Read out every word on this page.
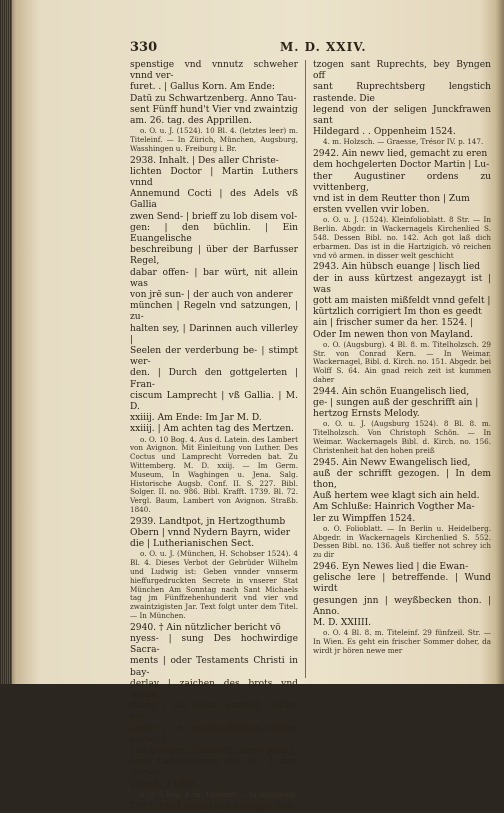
330	M. D. XXIV.

spenstige vnd vnnutz schweher vnnd ver-

furet. . | Gallus Korn. Am Ende:

Datū zu Schwartzenberg. Anno Tau-

sent Fünff hund't Vier vnd zwaintzig

am. 26. tag. des Apprillen.

o. O. u. J. (1524). 10 Bl. 4. (letztes leer) m. Titeleinf. — In Zürich, München, Augsburg, Wasshingen u. Freiburg i. Br.

2938. Inhalt. | Des aller Christe-

lichten Doctor | Martin Luthers vnnd

Annemund Cocti | des Adels vß Gallia

zwen Send- | brieff zu lob disem vol-

gen: | den büchlin. | Ein Euangelische

beschreibung | über der Barfusser Regel,

dabar offen- | bar würt, nit allein was

von jrē sun- | der auch von anderer

münchen | Regeln vnd satzungen, | zu-

halten sey, | Darinnen auch villerley |

Seelen der verderbung be- | stimpt wer-

den. | Durch den gottgelerten | Fran-

ciscum Lamprecht | vß Gallia. | M. D.

xxiiij. Am Ende: Im Jar M. D.

xxiiij. | Am achten tag des Mertzen.

o. O. 10 Bog. 4. Aus d. Latein. des Lambert von Avignon. Mit Einleitung von Luther. Des Coctus und Lamprecht Vorreden bat. Zu Wittemberg. M. D. xxiij. — Im Germ. Museum, In Waghingen u. Jena. Salg. Historische Augsb. Conf. II. S. 227. Bibl. Solger. II. no. 986. Bibl. Krafft. 1739. Bl. 72. Vergl. Baum, Lambert von Avignon. Straßb. 1840.

2939. Landtpot, jn Hertzogthumb

Obern | vnnd Nydern Bayrn, wider

die | Lutherianischen Sect.

o. O. u. J. (München, H. Schobser 1524). 4 Bl. 4. Dieses Verbot der Gebrüder Wilhelm und Ludwig ist: Geben vnnder vnnserm hieffurgedruckten Secrete in vnserer Stat München Am Sonntag nach Sant Michaels tag jm Fünffzehenhunderit vnd vier vnd zwaintzigisten Jar. Text folgt unter dem Titel. — In München.

2940. † Ain nützlicher bericht vö

nyess- | sung Des hochwirdige Sacra-

ments | oder Testaments Christi in bay-

derlay | zaichen des brots vnd weins,

Wund | wa baide partheý (wider ain-

ander | er jrrentend)bißen bißher verborg-

| en gelegen. Gemacht durch Joan |

nem Landsperger. Ain ar- | mer diener

Christi. | 1524

o. O. 5 Bog. 4. m. Titeleinf. — In Augsburg.

2941. Die Legend des heyligen her-

tzogen sant Ruprechts, bey Byngen off

sant Ruprechtsberg lengstich rastende. Die

legend von der seligen Junckfrawen sant

Hildegard . . Oppenheim 1524.

4. m. Holzsch. — Graesse, Trésor IV. p. 147.

2942. Ain newv lied, gemacht zu eren

dem hochgelerten Doctor Martin | Lu-

ther Augustiner ordens zu vvittenberg,

vnd ist in dem Reutter thon | Zum

ersten vvellen vvir loben.

o. O. u. J. (1524). Kleinfolioblatt. 8 Str. — In Berlin. Abgdr. in Wackernagels Kirchenlied S. 548. Dessen Bibl. no. 142. Ach got laß dich erbarmen. Das ist in die Hartzigich. vö reichen vnd vö armen. in disser welt geschicht

2943. Ain hübsch euange | lisch lied

der in auss kürtzest angezaygt ist | was

gott am maisten mißfeldt vnnd gefelt |

kürtzlich corrigiert Im thon es geedt

ain | frischer sumer da her. 1524. |

Oder Im newen thon von Mayland.

o. O. (Augsburg). 4 Bl. 8. m. Titelholzsch. 29 Str. von Conrad Kern. — In Weimar. Wackernagel, Bibl. d. Kirch. no. 151. Abgedr. bei Wolff S. 64. Ain gnad reich zeit ist kummen daher

2944. Ain schön Euangelisch lied,

ge- | sungen auß der geschrifft ain |

hertzog Ernsts Melody.

o. O. u. J. (Augsburg 1524). 8 Bl. 8. m. Titelholzsch. Von Christoph Schön. — In Weimar. Wackernagels Bibl. d. Kirch. no. 156. Christenheit hat den hohen preiß

2945. Ain Newv Ewangelisch lied,

auß der schrifft gezogen. | In dem thon,

Auß hertem wee klagt sich ain held.

Am Schluße: Hainrich Vogther Ma-

ler zu Wimpffen 1524.

o. O. Folioblatt. — In Berlin u. Heidelberg. Abgedr. in Wackernagels Kirchenlied S. 552. Dessen Bibl. no. 136. Auß tieffer not schrey ich zu dir

2946. Eyn Newes lied | die Ewan-

gelische lere | betreffende. | Wund wirdt

gesungen jnn | weyßbecken thon. | Anno.

M. D. XXIIII.

o. O. 4 Bl. 8. m. Titeleinf. 29 fünfzeil. Str. — In Wien. Es geht ein frischer Sommer doher, da wirdt jr hören newe mer
